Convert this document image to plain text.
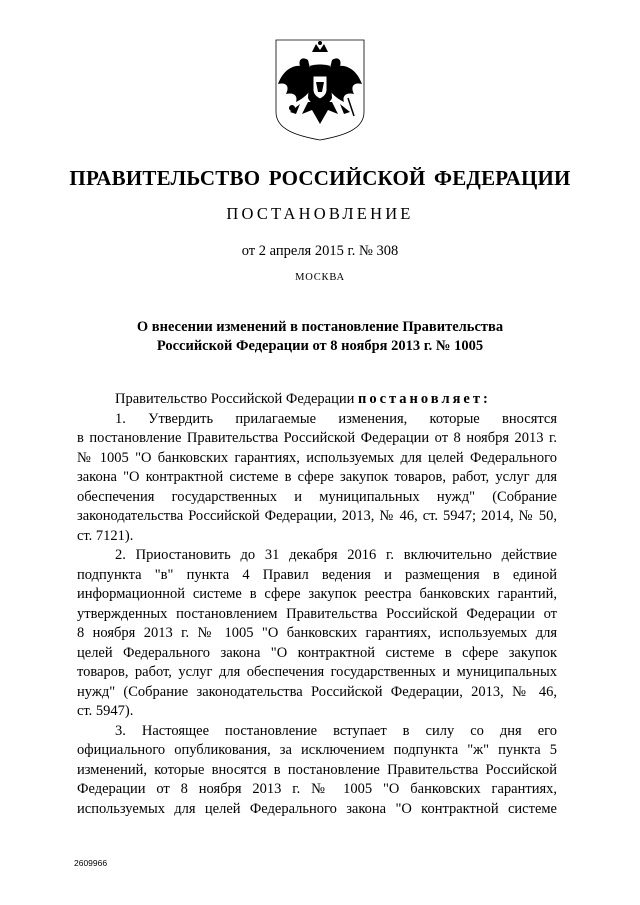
ПРАВИТЕЛЬСТВО РОССИЙСКОЙ ФЕДЕРАЦИИ
ПОСТАНОВЛЕНИЕ
от 2 апреля 2015 г. № 308
МОСКВА
О внесении изменений в постановление Правительства
Российской Федерации от 8 ноября 2013 г. № 1005

Правительство Российской Федерации постановляет:

1. Утвердить прилагаемые изменения, которые вносятся
в постановление Правительства Российской Федерации от 8 ноября 2013 г.
№ 1005 "О банковских гарантиях, используемых для целей Федерального
закона "О контрактной системе в сфере закупок товаров, работ, услуг для
обеспечения государственных и муниципальных нужд" (Собрание
законодательства Российской Федерации, 2013, № 46, ст. 5947; 2014, № 50,
ст. 7121).

2. Приостановить до 31 декабря 2016 г. включительно действие
подпункта "в" пункта 4 Правил ведения и размещения в единой
информационной системе в сфере закупок реестра банковских гарантий,
утвержденных постановлением Правительства Российской Федерации от
8 ноября 2013 г. № 1005 "О банковских гарантиях, используемых для
целей Федерального закона "О контрактной системе в сфере закупок
товаров, работ, услуг для обеспечения государственных и муниципальных
нужд" (Собрание законодательства Российской Федерации, 2013, № 46,
ст. 5947).

3. Настоящее постановление вступает в силу со дня его
официального опубликования, за исключением подпункта "ж" пункта 5
изменений, которые вносятся в постановление Правительства Российской
Федерации от 8 ноября 2013 г. № 1005 "О банковских гарантиях,
используемых для целей Федерального закона "О контрактной системе

2609966
